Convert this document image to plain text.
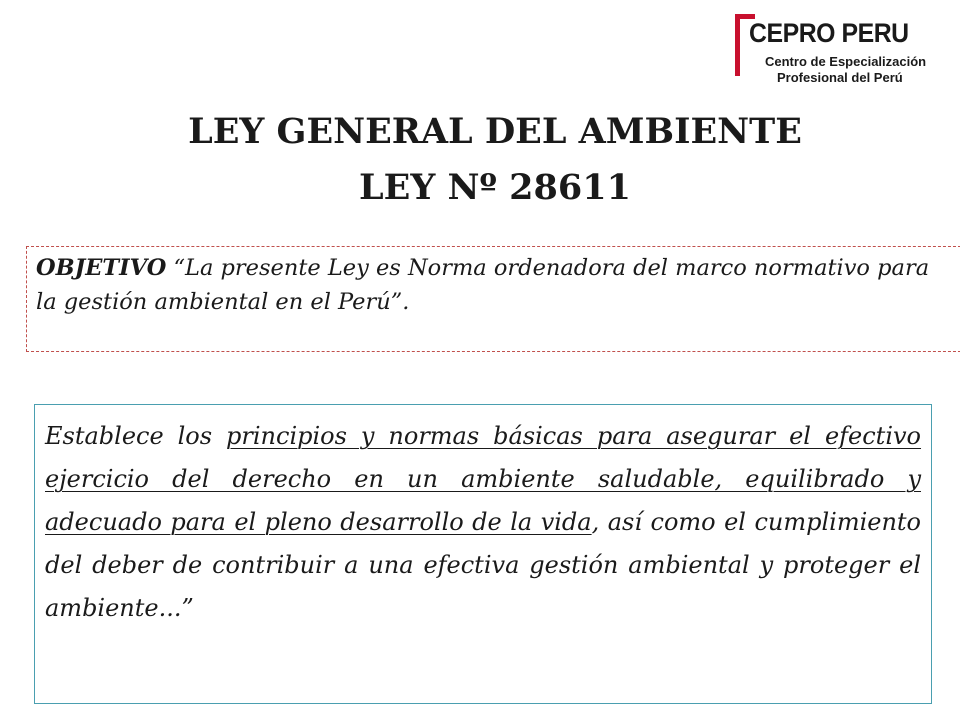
CEPRO PERU
Centro de Especialización
Profesional del Perú
LEY GENERAL DEL AMBIENTE
LEY Nº 28611
OBJETIVO “La presente Ley es Norma ordenadora del marco normativo para la gestión ambiental en el Perú”.
Establece los principios y normas básicas para asegurar el efectivo ejercicio del derecho en un ambiente saludable, equilibrado y adecuado para el pleno desarrollo de la vida, así como el cumplimiento del deber de contribuir a una efectiva gestión ambiental y proteger el ambiente...”
